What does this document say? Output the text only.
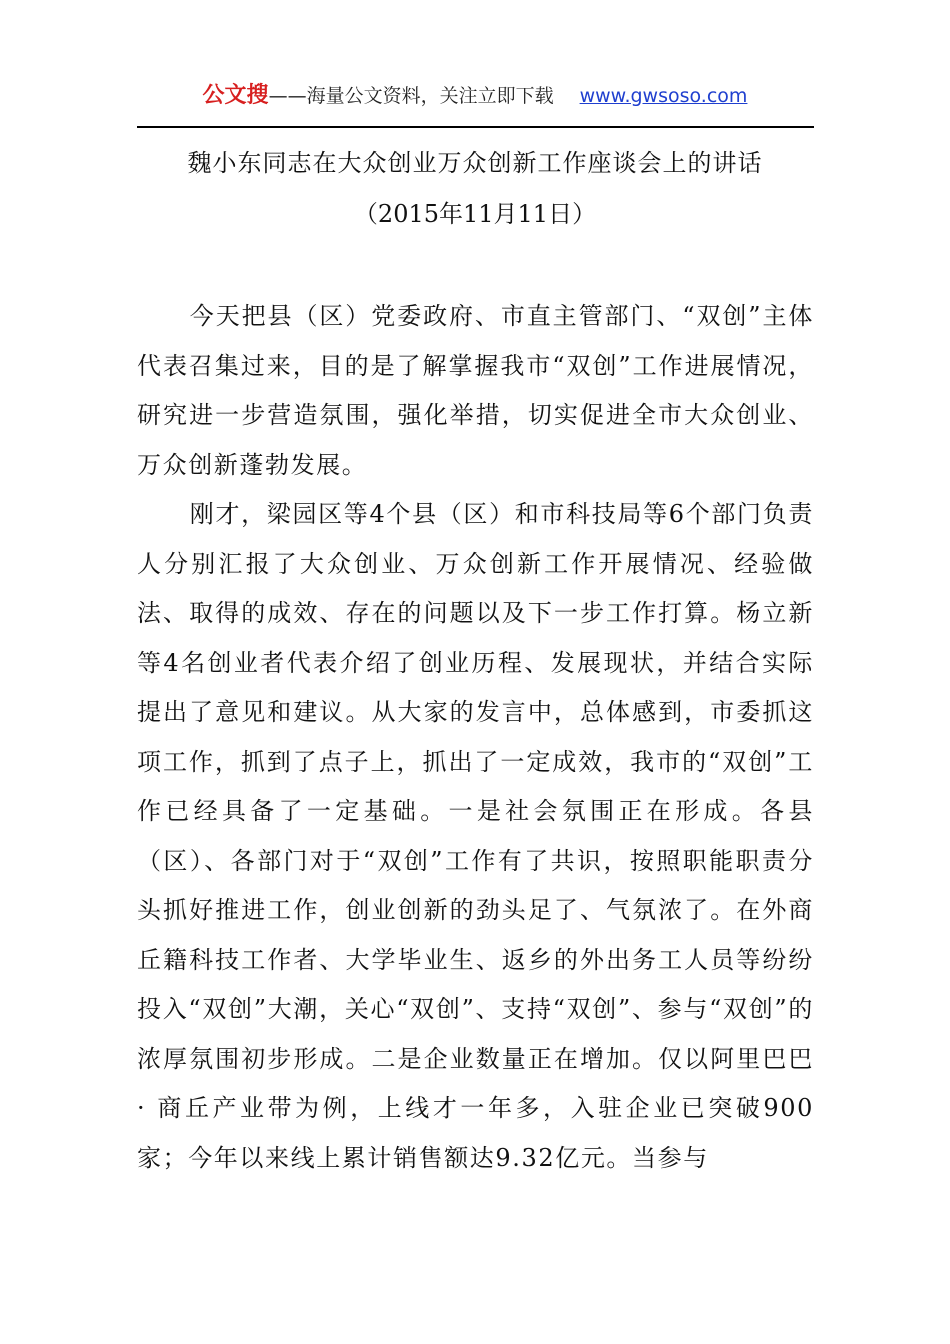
公文搜——海量公文资料，关注立即下载 www.gwsoso.com
魏小东同志在大众创业万众创新工作座谈会上的讲话
（2015年11月11日）

今天把县（区）党委政府、市直主管部门、“双创”主体代表召集过来，目的是了解掌握我市“双创”工作进展情况，研究进一步营造氛围，强化举措，切实促进全市大众创业、万众创新蓬勃发展。

刚才，梁园区等4个县（区）和市科技局等6个部门负责人分别汇报了大众创业、万众创新工作开展情况、经验做法、取得的成效、存在的问题以及下一步工作打算。杨立新等4名创业者代表介绍了创业历程、发展现状，并结合实际提出了意见和建议。从大家的发言中，总体感到，市委抓这项工作，抓到了点子上，抓出了一定成效，我市的“双创”工作已经具备了一定基础。一是社会氛围正在形成。各县（区）、各部门对于“双创”工作有了共识，按照职能职责分头抓好推进工作，创业创新的劲头足了、气氛浓了。在外商丘籍科技工作者、大学毕业生、返乡的外出务工人员等纷纷投入“双创”大潮，关心“双创”、支持“双创”、参与“双创”的浓厚氛围初步形成。二是企业数量正在增加。仅以阿里巴巴 · 商丘产业带为例，上线才一年多，入驻企业已突破900家；今年以来线上累计销售额达9.32亿元。当参与
